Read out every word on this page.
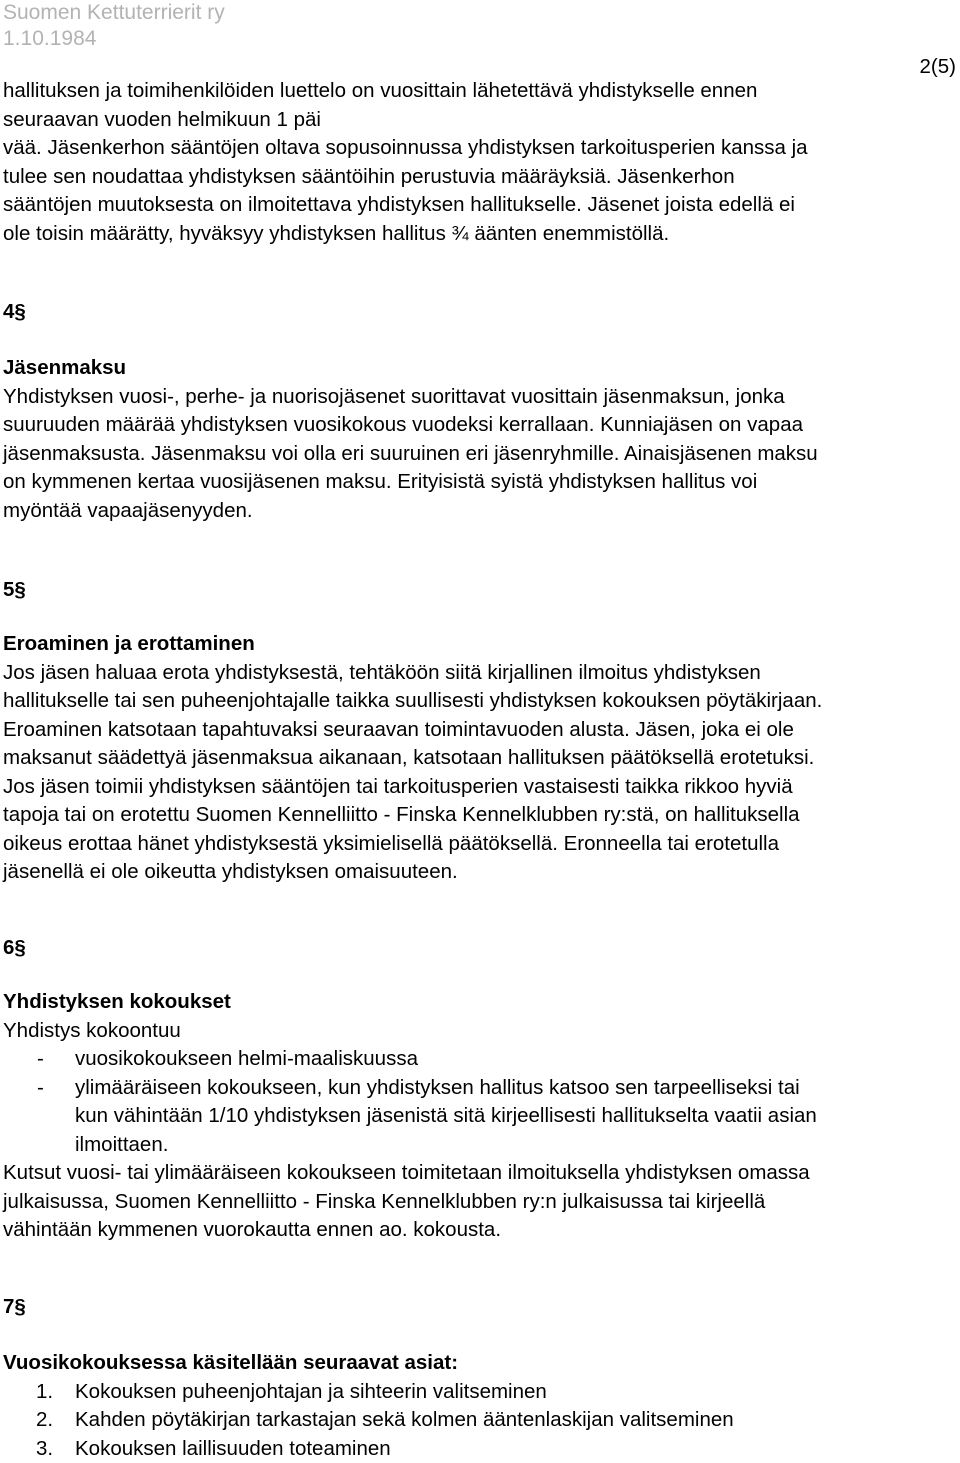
Suomen Kettuterrierit ry
1.10.1984
2(5)

hallituksen ja toimihenkilöiden luettelo on vuosittain lähetettävä yhdistykselle ennen

seuraavan vuoden helmikuun 1 päi

vää. Jäsenkerhon sääntöjen oltava sopusoinnussa yhdistyksen tarkoitusperien kanssa ja

tulee sen noudattaa yhdistyksen sääntöihin perustuvia määräyksiä. Jäsenkerhon

sääntöjen muutoksesta on ilmoitettava yhdistyksen hallitukselle. Jäsenet joista edellä ei

ole toisin määrätty, hyväksyy yhdistyksen hallitus ¾ äänten enemmistöllä.

4§

Jäsenmaksu

Yhdistyksen vuosi-, perhe- ja nuorisojäsenet suorittavat vuosittain jäsenmaksun, jonka

suuruuden määrää yhdistyksen vuosikokous vuodeksi kerrallaan. Kunniajäsen on vapaa

jäsenmaksusta. Jäsenmaksu voi olla eri suuruinen eri jäsenryhmille. Ainaisjäsenen maksu

on kymmenen kertaa vuosijäsenen maksu. Erityisistä syistä yhdistyksen hallitus voi

myöntää vapaajäsenyyden.

5§

Eroaminen ja erottaminen

Jos jäsen haluaa erota yhdistyksestä, tehtäköön siitä kirjallinen ilmoitus yhdistyksen

hallitukselle tai sen puheenjohtajalle taikka suullisesti yhdistyksen kokouksen pöytäkirjaan.

Eroaminen katsotaan tapahtuvaksi seuraavan toimintavuoden alusta. Jäsen, joka ei ole

maksanut säädettyä jäsenmaksua aikanaan, katsotaan hallituksen päätöksellä erotetuksi.

Jos jäsen toimii yhdistyksen sääntöjen tai tarkoitusperien vastaisesti taikka rikkoo hyviä

tapoja tai on erotettu Suomen Kennelliitto - Finska Kennelklubben ry:stä, on hallituksella

oikeus erottaa hänet yhdistyksestä yksimielisellä päätöksellä. Eronneella tai erotetulla

jäsenellä ei ole oikeutta yhdistyksen omaisuuteen.

6§

Yhdistyksen kokoukset

Yhdistys kokoontuu

- vuosikokoukseen helmi-maaliskuussa
- ylimääräiseen kokoukseen, kun yhdistyksen hallitus katsoo sen tarpeelliseksi tai

kun vähintään 1/10 yhdistyksen jäsenistä sitä kirjeellisesti hallitukselta vaatii asian

ilmoittaen.

Kutsut vuosi- tai ylimääräiseen kokoukseen toimitetaan ilmoituksella yhdistyksen omassa

julkaisussa, Suomen Kennelliitto - Finska Kennelklubben ry:n julkaisussa tai kirjeellä

vähintään kymmenen vuorokautta ennen ao. kokousta.

7§

Vuosikokouksessa käsitellään seuraavat asiat:

1. Kokouksen puheenjohtajan ja sihteerin valitseminen
2. Kahden pöytäkirjan tarkastajan sekä kolmen ääntenlaskijan valitseminen
3. Kokouksen laillisuuden toteaminen
